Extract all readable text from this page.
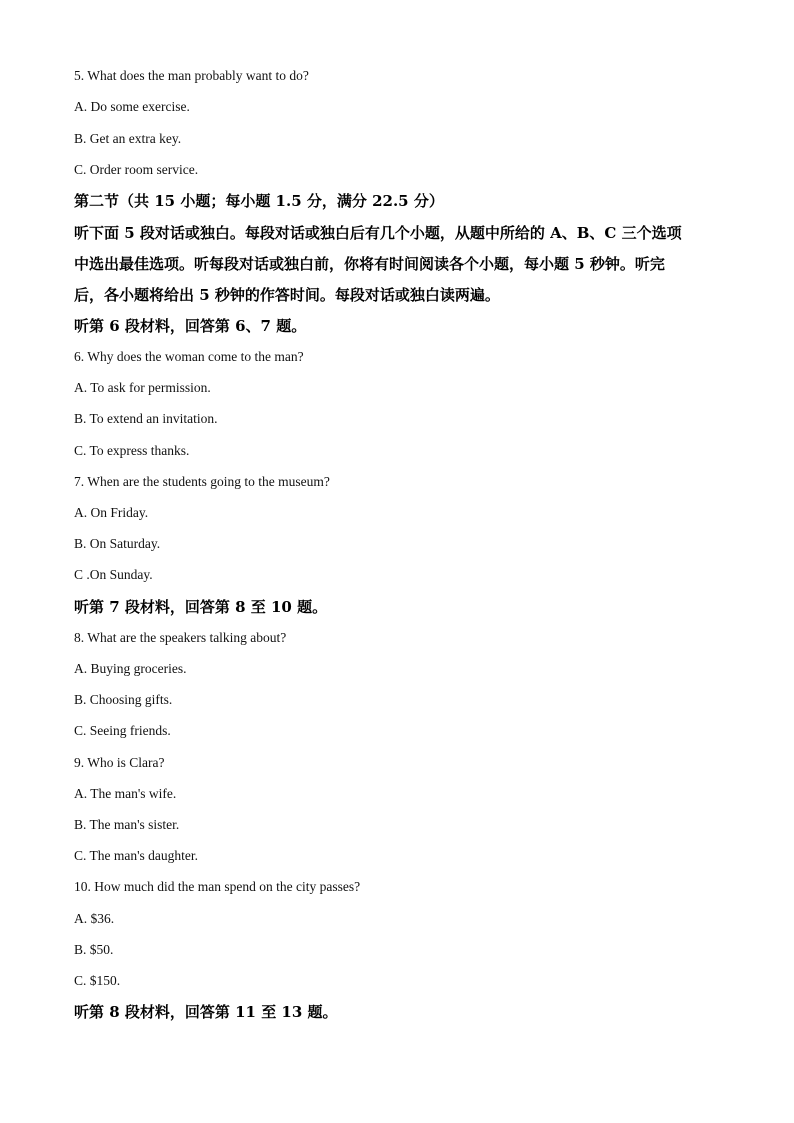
5. What does the man probably want to do?
A. Do some exercise.
B. Get an extra key.
C. Order room service.
第二节（共 15 小题；每小题 1.5 分，满分 22.5 分）
听下面 5 段对话或独白。每段对话或独白后有几个小题，从题中所给的 A、B、C 三个选项
中选出最佳选项。听每段对话或独白前，你将有时间阅读各个小题，每小题 5 秒钟。听完
后，各小题将给出 5 秒钟的作答时间。每段对话或独白读两遍。
听第 6 段材料，回答第 6、7 题。
6. Why does the woman come to the man?
A. To ask for permission.
B. To extend an invitation.
C. To express thanks.
7. When are the students going to the museum?
A. On Friday.
B. On Saturday.
C .On Sunday.
听第 7 段材料，回答第 8 至 10 题。
8. What are the speakers talking about?
A. Buying groceries.
B. Choosing gifts.
C. Seeing friends.
9. Who is Clara?
A. The man's wife.
B. The man's sister.
C. The man's daughter.
10. How much did the man spend on the city passes?
A. $36.
B. $50.
C. $150.
听第 8 段材料，回答第 11 至 13 题。
